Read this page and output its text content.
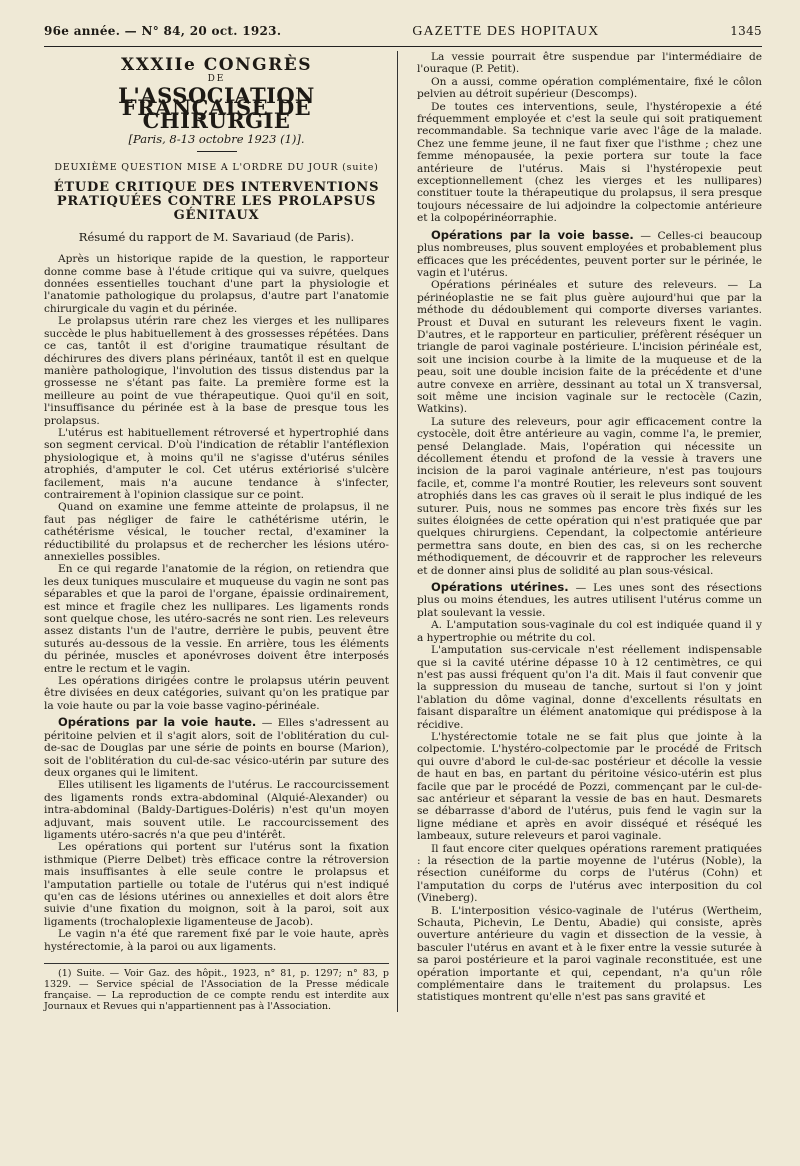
96e année. — N° 84, 20 oct. 1923.	GAZETTE DES HOPITAUX	1345
XXXIIe CONGRÈS
DE
L'ASSOCIATION FRANÇAISE DE CHIRURGIE
[Paris, 8-13 octobre 1923 (1)].
DEUXIÈME QUESTION MISE A L'ORDRE DU JOUR (suite)
ÉTUDE CRITIQUE DES INTERVENTIONS PRATIQUÉES CONTRE LES PROLAPSUS GÉNITAUX
Résumé du rapport de M. Savariaud (de Paris).

Après un historique rapide de la question, le rapporteur donne comme base à l'étude critique qui va suivre, quelques données essentielles touchant d'une part la physiologie et l'anatomie pathologique du prolapsus, d'autre part l'anatomie chirurgicale du vagin et du périnée.

Le prolapsus utérin rare chez les vierges et les nullipares succède le plus habituellement à des grossesses répétées. Dans ce cas, tantôt il est d'origine traumatique résultant de déchirures des divers plans périnéaux, tantôt il est en quelque manière pathologique, l'involution des tissus distendus par la grossesse ne s'étant pas faite. La première forme est la meilleure au point de vue thérapeutique. Quoi qu'il en soit, l'insuffisance du périnée est à la base de presque tous les prolapsus.

L'utérus est habituellement rétroversé et hypertrophié dans son segment cervical. D'où l'indication de rétablir l'antéflexion physiologique et, à moins qu'il ne s'agisse d'utérus séniles atrophiés, d'amputer le col. Cet utérus extériorisé s'ulcère facilement, mais n'a aucune tendance à s'infecter, contrairement à l'opinion classique sur ce point.

Quand on examine une femme atteinte de prolapsus, il ne faut pas négliger de faire le cathétérisme utérin, le cathétérisme vésical, le toucher rectal, d'examiner la réductibilité du prolapsus et de rechercher les lésions utéro-annexielles possibles.

En ce qui regarde l'anatomie de la région, on retiendra que les deux tuniques musculaire et muqueuse du vagin ne sont pas séparables et que la paroi de l'organe, épaissie ordinairement, est mince et fragile chez les nullipares. Les ligaments ronds sont quelque chose, les utéro-sacrés ne sont rien. Les releveurs assez distants l'un de l'autre, derrière le pubis, peuvent être suturés au-dessous de la vessie. En arrière, tous les éléments du périnée, muscles et aponévroses doivent être interposés entre le rectum et le vagin.

Les opérations dirigées contre le prolapsus utérin peuvent être divisées en deux catégories, suivant qu'on les pratique par la voie haute ou par la voie basse vagino-périnéale.

Opérations par la voie haute. — Elles s'adressent au péritoine pelvien et il s'agit alors, soit de l'oblitération du cul-de-sac de Douglas par une série de points en bourse (Marion), soit de l'oblitération du cul-de-sac vésico-utérin par suture des deux organes qui le limitent.

Elles utilisent les ligaments de l'utérus. Le raccourcissement des ligaments ronds extra-abdominal (Alquié-Alexander) ou intra-abdominal (Baldy-Dartigues-Doléris) n'est qu'un moyen adjuvant, mais souvent utile. Le raccourcissement des ligaments utéro-sacrés n'a que peu d'intérêt.

Les opérations qui portent sur l'utérus sont la fixation isthmique (Pierre Delbet) très efficace contre la rétroversion mais insuffisantes à elle seule contre le prolapsus et l'amputation partielle ou totale de l'utérus qui n'est indiqué qu'en cas de lésions utérines ou annexielles et doit alors être suivie d'une fixation du moignon, soit à la paroi, soit aux ligaments (trochaloplexie ligamenteuse de Jacob).

Le vagin n'a été que rarement fixé par le voie haute, après hystérectomie, à la paroi ou aux ligaments.

(1) Suite. — Voir Gaz. des hôpit., 1923, n° 81, p. 1297; n° 83, p 1329. — Service spécial de l'Association de la Presse médicale française. — La reproduction de ce compte rendu est interdite aux Journaux et Revues qui n'appartiennent pas à l'Association.

La vessie pourrait être suspendue par l'intermédiaire de l'ouraque (P. Petit).

On a aussi, comme opération complémentaire, fixé le côlon pelvien au détroit supérieur (Descomps).

De toutes ces interventions, seule, l'hystéropexie a été fréquemment employée et c'est la seule qui soit pratiquement recommandable. Sa technique varie avec l'âge de la malade. Chez une femme jeune, il ne faut fixer que l'isthme ; chez une femme ménopausée, la pexie portera sur toute la face antérieure de l'utérus. Mais si l'hystéropexie peut exceptionnellement (chez les vierges et les nullipares) constituer toute la thérapeutique du prolapsus, il sera presque toujours nécessaire de lui adjoindre la colpectomie antérieure et la colpopérinéorraphie.

Opérations par la voie basse. — Celles-ci beaucoup plus nombreuses, plus souvent employées et probablement plus efficaces que les précédentes, peuvent porter sur le périnée, le vagin et l'utérus.

Opérations périnéales et suture des releveurs. — La périnéoplastie ne se fait plus guère aujourd'hui que par la méthode du dédoublement qui comporte diverses variantes. Proust et Duval en suturant les releveurs fixent le vagin. D'autres, et le rapporteur en particulier, préfèrent réséquer un triangle de paroi vaginale postérieure. L'incision périnéale est, soit une incision courbe à la limite de la muqueuse et de la peau, soit une double incision faite de la précédente et d'une autre convexe en arrière, dessinant au total un X transversal, soit même une incision vaginale sur le rectocèle (Cazin, Watkins).

La suture des releveurs, pour agir efficacement contre la cystocèle, doit être antérieure au vagin, comme l'a, le premier, pensé Delanglade. Mais, l'opération qui nécessite un décollement étendu et profond de la vessie à travers une incision de la paroi vaginale antérieure, n'est pas toujours facile, et, comme l'a montré Routier, les releveurs sont souvent atrophiés dans les cas graves où il serait le plus indiqué de les suturer. Puis, nous ne sommes pas encore très fixés sur les suites éloignées de cette opération qui n'est pratiquée que par quelques chirurgiens. Cependant, la colpectomie antérieure permettra sans doute, en bien des cas, si on les recherche méthodiquement, de découvrir et de rapprocher les releveurs et de donner ainsi plus de solidité au plan sous-vésical.

Opérations utérines. — Les unes sont des résections plus ou moins étendues, les autres utilisent l'utérus comme un plat soulevant la vessie.

A. L'amputation sous-vaginale du col est indiquée quand il y a hypertrophie ou métrite du col.

L'amputation sus-cervicale n'est réellement indispensable que si la cavité utérine dépasse 10 à 12 centimètres, ce qui n'est pas aussi fréquent qu'on l'a dit. Mais il faut convenir que la suppression du museau de tanche, surtout si l'on y joint l'ablation du dôme vaginal, donne d'excellents résultats en faisant disparaître un élément anatomique qui prédispose à la récidive.

L'hystérectomie totale ne se fait plus que jointe à la colpectomie. L'hystéro-colpectomie par le procédé de Fritsch qui ouvre d'abord le cul-de-sac postérieur et décolle la vessie de haut en bas, en partant du péritoine vésico-utérin est plus facile que par le procédé de Pozzi, commençant par le cul-de-sac antérieur et séparant la vessie de bas en haut. Desmarets se débarrasse d'abord de l'utérus, puis fend le vagin sur la ligne médiane et après en avoir disséqué et réséqué les lambeaux, suture releveurs et paroi vaginale.

Il faut encore citer quelques opérations rarement pratiquées : la résection de la partie moyenne de l'utérus (Noble), la résection cunéiforme du corps de l'utérus (Cohn) et l'amputation du corps de l'utérus avec interposition du col (Vineberg).

B. L'interposition vésico-vaginale de l'utérus (Wertheim, Schauta, Pichevin, Le Dentu, Abadie) qui consiste, après ouverture antérieure du vagin et dissection de la vessie, à basculer l'utérus en avant et à le fixer entre la vessie suturée à sa paroi postérieure et la paroi vaginale reconstituée, est une opération importante et qui, cependant, n'a qu'un rôle complémentaire dans le traitement du prolapsus. Les statistiques montrent qu'elle n'est pas sans gravité et
